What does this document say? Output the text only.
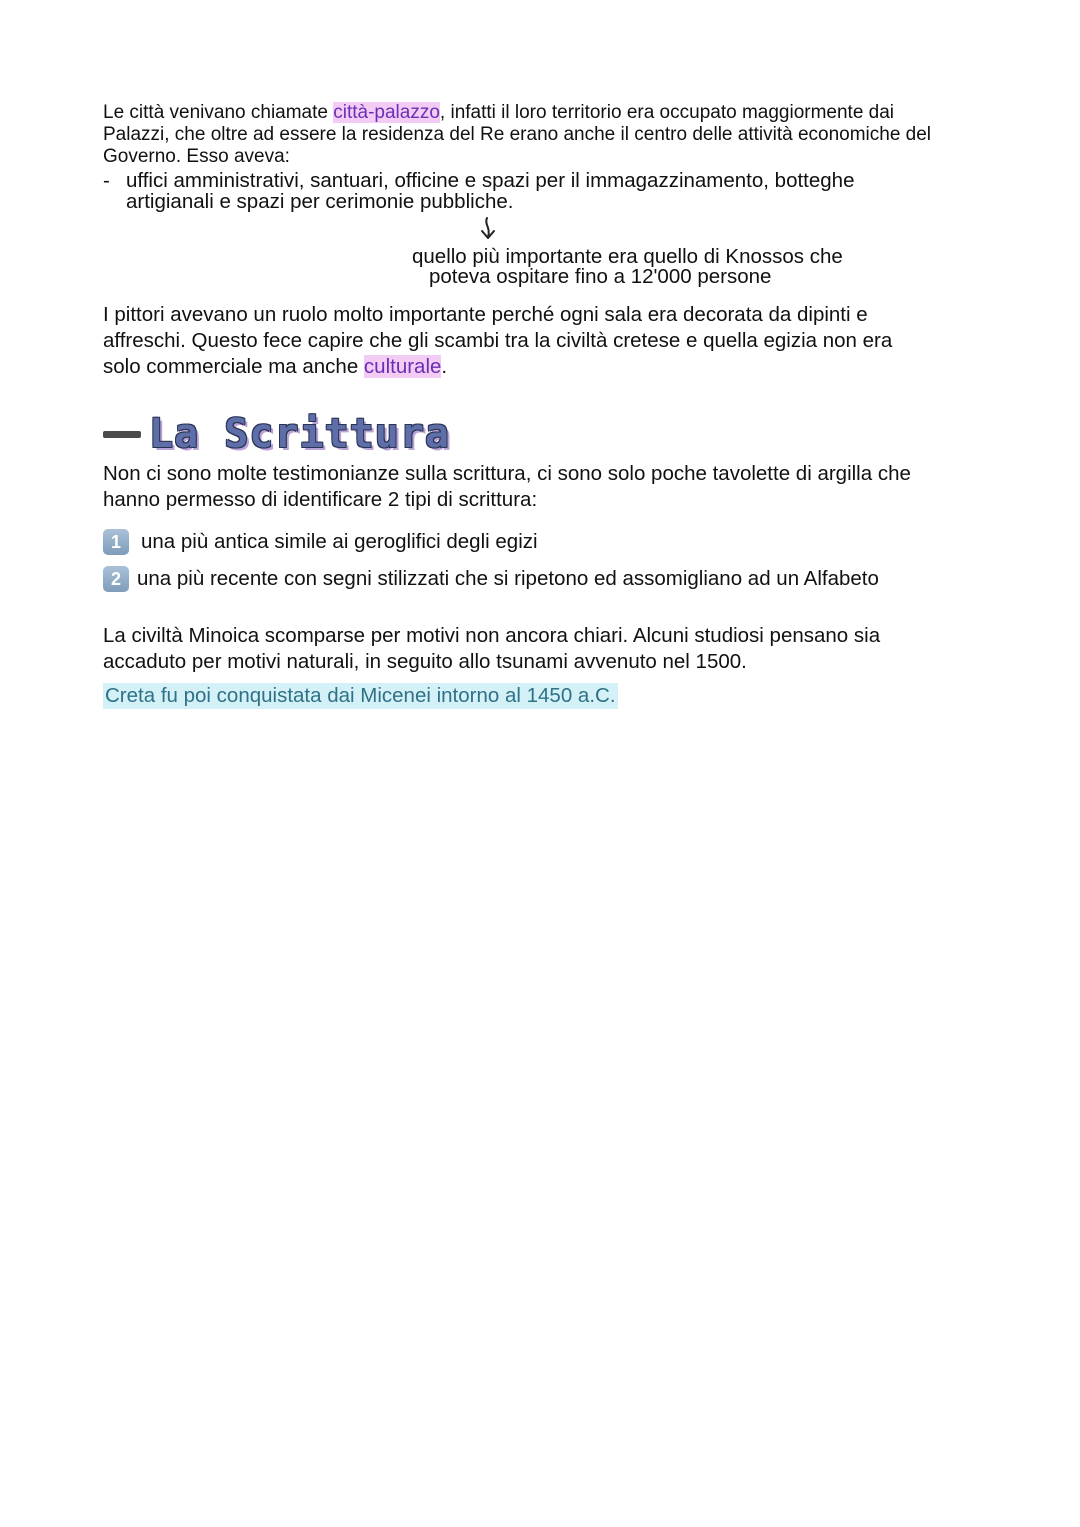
Le città venivano chiamate città-palazzo, infatti il loro territorio era occupato maggiormente dai
Palazzi, che oltre ad essere la residenza del Re erano anche il centro delle attività economiche del
Governo. Esso aveva:

- uffici amministrativi, santuari, officine e spazi per il immagazzinamento, botteghe
artigianali e spazi per cerimonie pubbliche.
quello più importante era quello di Knossos che
poteva ospitare fino a 12'000 persone

I pittori avevano un ruolo molto importante perché ogni sala era decorata da dipinti e
affreschi. Questo fece capire che gli scambi tra la civiltà cretese e quella egizia non era
solo commerciale ma anche culturale.

La Scrittura

Non ci sono molte testimonianze sulla scrittura, ci sono solo poche tavolette di argilla che
hanno permesso di identificare 2 tipi di scrittura:

1 una più antica simile ai geroglifici degli egizi
2 una più recente con segni stilizzati che si ripetono ed assomigliano ad un Alfabeto

La civiltà Minoica scomparse per motivi non ancora chiari. Alcuni studiosi pensano sia
accaduto per motivi naturali, in seguito allo tsunami avvenuto nel 1500.

Creta fu poi conquistata dai Micenei intorno al 1450 a.C.
